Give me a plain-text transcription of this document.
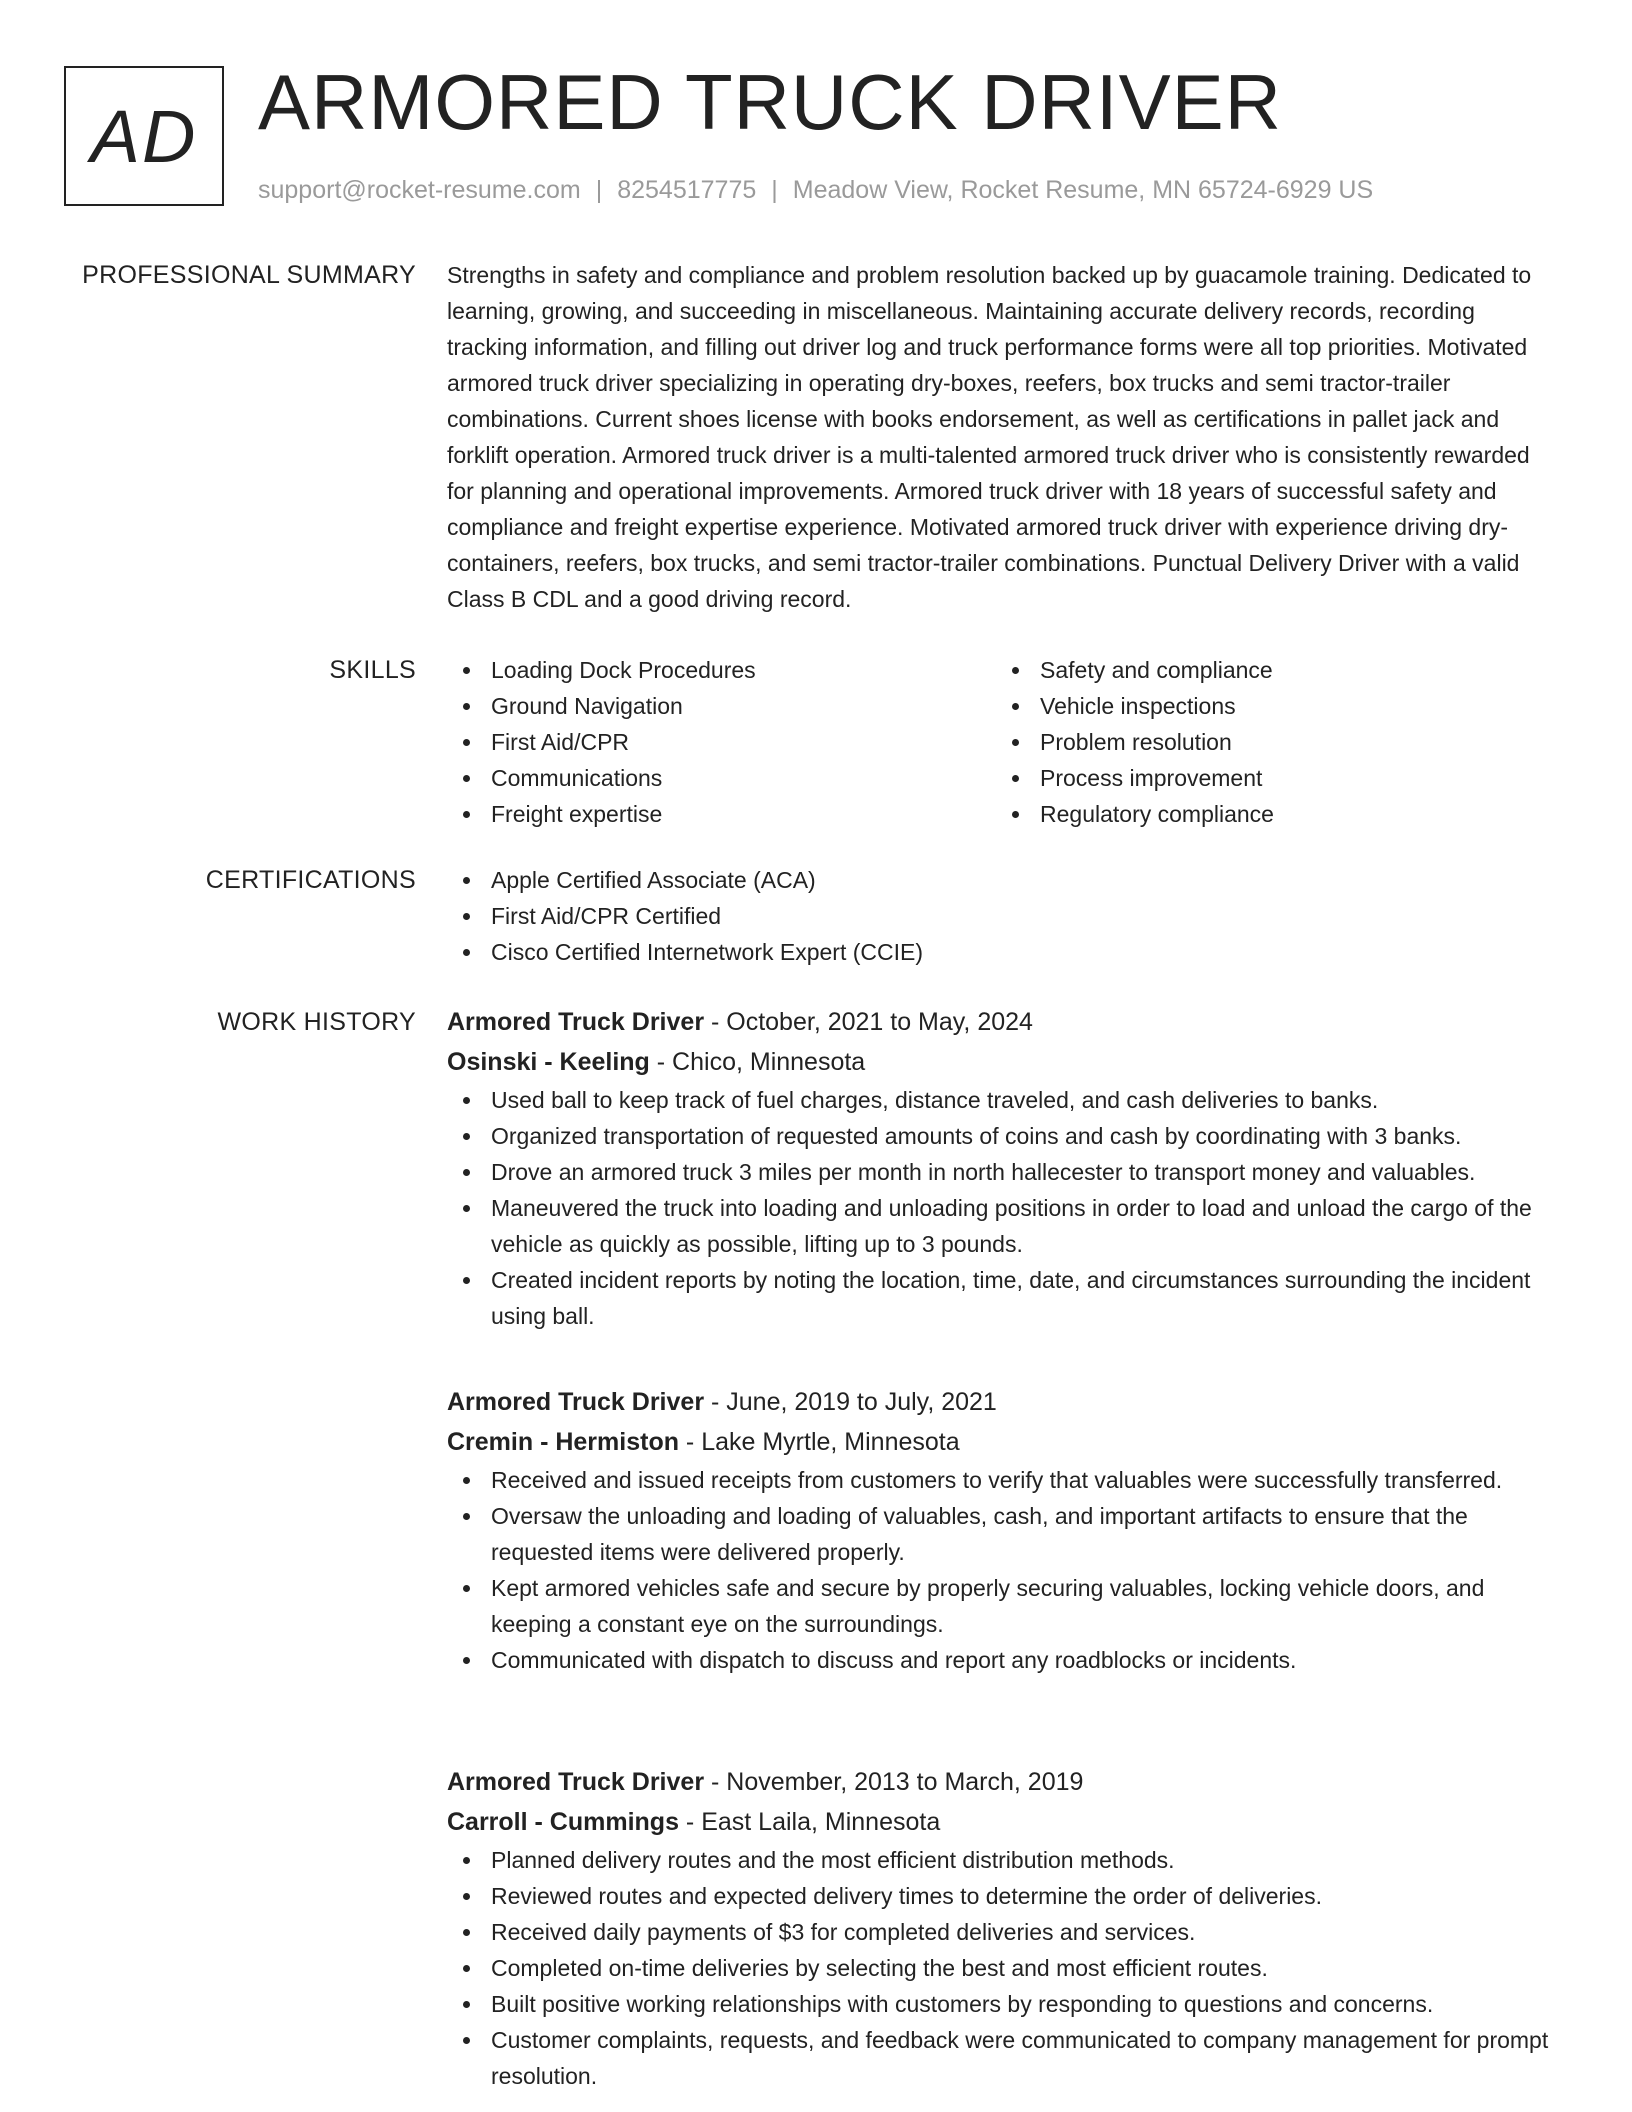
AD ARMORED TRUCK DRIVER
support@rocket-resume.com | 8254517775 | Meadow View, Rocket Resume, MN 65724-6929 US
PROFESSIONAL SUMMARY Strengths in safety and compliance and problem resolution backed up by guacamole training. Dedicated to learning, growing, and succeeding in miscellaneous. Maintaining accurate delivery records, recording tracking information, and filling out driver log and truck performance forms were all top priorities. Motivated armored truck driver specializing in operating dry-boxes, reefers, box trucks and semi tractor-trailer combinations. Current shoes license with books endorsement, as well as certifications in pallet jack and forklift operation. Armored truck driver is a multi-talented armored truck driver who is consistently rewarded for planning and operational improvements. Armored truck driver with 18 years of successful safety and compliance and freight expertise experience. Motivated armored truck driver with experience driving dry-containers, reefers, box trucks, and semi tractor-trailer combinations. Punctual Delivery Driver with a valid Class B CDL and a good driving record.

SKILLS	Loading Dock Procedures
Ground Navigation
First Aid/CPR
Communications
Freight expertise
Safety and compliance
Vehicle inspections
Problem resolution
Process improvement
Regulatory compliance
CERTIFICATIONS	Apple Certified Associate (ACA)
First Aid/CPR Certified
Cisco Certified Internetwork Expert (CCIE)
WORK HISTORY Armored Truck Driver - October, 2021 to May, 2024
Osinski - Keeling - Chico, Minnesota
Used ball to keep track of fuel charges, distance traveled, and cash deliveries to banks.
Organized transportation of requested amounts of coins and cash by coordinating with 3 banks.
Drove an armored truck 3 miles per month in north hallecester to transport money and valuables.
Maneuvered the truck into loading and unloading positions in order to load and unload the cargo of the vehicle as quickly as possible, lifting up to 3 pounds.
Created incident reports by noting the location, time, date, and circumstances surrounding the incident using ball.
Armored Truck Driver - June, 2019 to July, 2021
Cremin - Hermiston - Lake Myrtle, Minnesota
Received and issued receipts from customers to verify that valuables were successfully transferred.
Oversaw the unloading and loading of valuables, cash, and important artifacts to ensure that the requested items were delivered properly.
Kept armored vehicles safe and secure by properly securing valuables, locking vehicle doors, and keeping a constant eye on the surroundings.
Communicated with dispatch to discuss and report any roadblocks or incidents.
Armored Truck Driver - November, 2013 to March, 2019
Carroll - Cummings - East Laila, Minnesota
Planned delivery routes and the most efficient distribution methods.
Reviewed routes and expected delivery times to determine the order of deliveries.
Received daily payments of $3 for completed deliveries and services.
Completed on-time deliveries by selecting the best and most efficient routes.
Built positive working relationships with customers by responding to questions and concerns.
Customer complaints, requests, and feedback were communicated to company management for prompt resolution.
